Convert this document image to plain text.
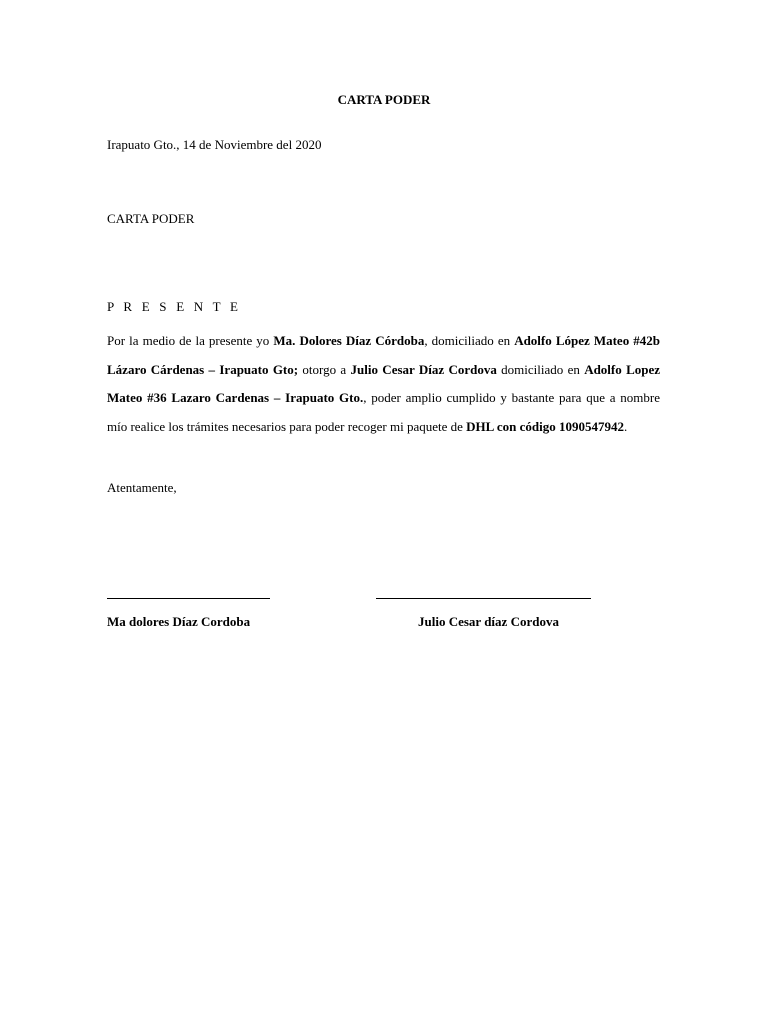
CARTA PODER
Irapuato Gto., 14 de Noviembre del 2020
CARTA PODER
P R E S E N T E

Por la medio de la presente yo Ma. Dolores Díaz Córdoba, domiciliado en Adolfo López Mateo #42b Lázaro Cárdenas – Irapuato Gto; otorgo a Julio Cesar Díaz Cordova domiciliado en Adolfo Lopez Mateo #36 Lazaro Cardenas – Irapuato Gto., poder amplio cumplido y bastante para que a nombre mío realice los trámites necesarios para poder recoger mi paquete de DHL con código 1090547942.

Atentamente,
Ma dolores Díaz Cordoba	Julio Cesar díaz Cordova
